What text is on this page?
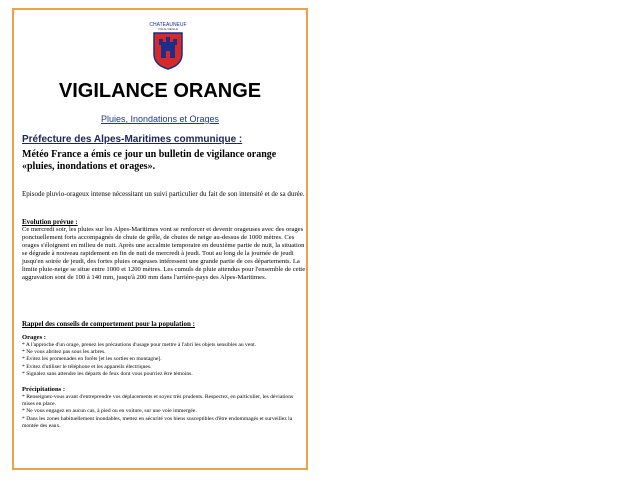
CHATEAUNEUF
VILLE-VIEILLE
VIGILANCE ORANGE
Pluies, Inondations et Orages
Préfecture des Alpes-Maritimes communique :
Météo France a émis ce jour un bulletin de vigilance orange «pluies, inondations et orages».
Episode pluvio-orageux intense nécessitant un suivi particulier du fait de son intensité et de sa durée.
Evolution prévue :
Ce mercredi soir, les pluies sur les Alpes-Maritimes vont se renforcer et devenir orageuses avec des orages ponctuellement forts accompagnés de chute de grêle, de chutes de neige au-dessus de 1000 mètres. Ces orages s'éloignent en milieu de nuit. Après une accalmie temporaire en deuxième partie de nuit, la situation se dégrade à nouveau rapidement en fin de nuit de mercredi à jeudi. Tout au long de la journée de jeudi jusqu'en soirée de jeudi, des fortes pluies orageuses intéressent une grande partie de ces départements. La limite pluie-neige se situe entre 1000 et 1200 mètres. Les cumuls de pluie attendus pour l'ensemble de cette aggravation sont de 100 à 140 mm, jusqu'à 200 mm dans l'arrière-pays des Alpes-Maritimes.
Rappel des conseils de comportement pour la population :
Orages :
* A l'approche d'un orage, prenez les précautions d'usage pour mettre à l'abri les objets sensibles au vent.
* Ne vous abritez pas sous les arbres.
* Evitez les promenades en forêts [et les sorties en montagne].
* Evitez d'utiliser le téléphone et les appareils électriques.
* Signalez sans attendre les départs de feux dont vous pourriez être témoins.
Précipitations :
* Renseignez-vous avant d'entreprendre vos déplacements et soyez très prudents. Respectez, en particulier, les déviations mises en place.
* Ne vous engagez en aucun cas, à pied ou en voiture, sur une voie immergée.
* Dans les zones habituellement inondables, mettez en sécurité vos biens susceptibles d'être endommagés et surveillez la montée des eaux.
